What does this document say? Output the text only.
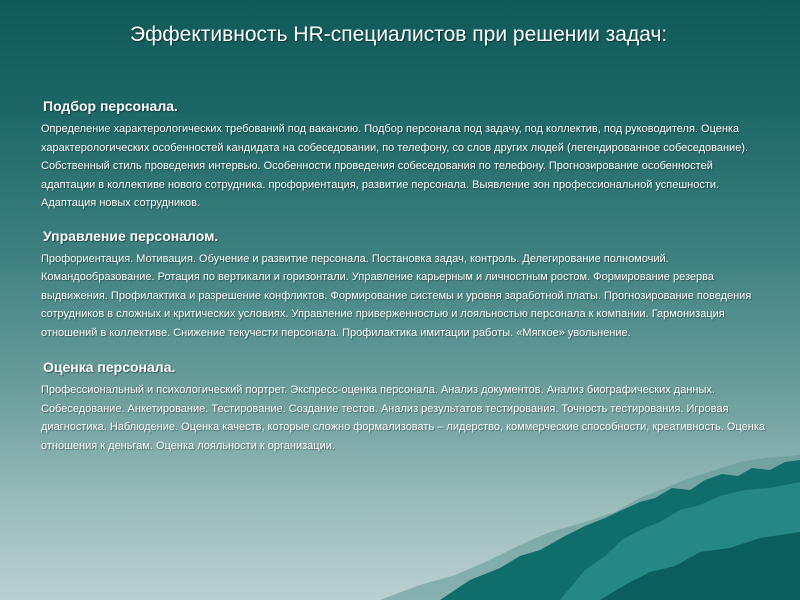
Эффективность HR-специалистов при решении задач:
Подбор персонала.

Определение характерологических требований под вакансию. Подбор персонала под задачу, под коллектив, под руководителя. Оценка характерологических особенностей кандидата на собеседовании, по телефону, со слов других людей (легендированное собеседование). Собственный стиль проведения интервью. Особенности проведения собеседования по телефону. Прогнозирование особенностей адаптации в коллективе нового сотрудника. профориентация, развитие персонала. Выявление зон профессиональной успешности. Адаптация новых сотрудников.

Управление персоналом.

Профориентация. Мотивация. Обучение и развитие персонала. Постановка задач, контроль. Делегирование полномочий. Командообразование. Ротация по вертикали и горизонтали. Управление карьерным и личностным ростом. Формирование резерва выдвижения. Профилактика и разрешение конфликтов. Формирование системы и уровня заработной платы. Прогнозирование поведения сотрудников в сложных и критических условиях. Управление приверженностью и лояльностью персонала к компании. Гармонизация отношений в коллективе. Снижение текучести персонала. Профилактика имитации работы. «Мягкое» увольнение.

Оценка персонала.

Профессиональный и психологический портрет. Экспресс-оценка персонала. Анализ документов. Анализ биографических данных. Собеседование. Анкетирование. Тестирование. Создание тестов. Анализ результатов тестирования. Точность тестирования. Игровая диагностика. Наблюдение. Оценка качеств, которые сложно формализовать – лидерство, коммерческие способности, креативность. Оценка отношения к деньгам. Оценка лояльности к организации.
